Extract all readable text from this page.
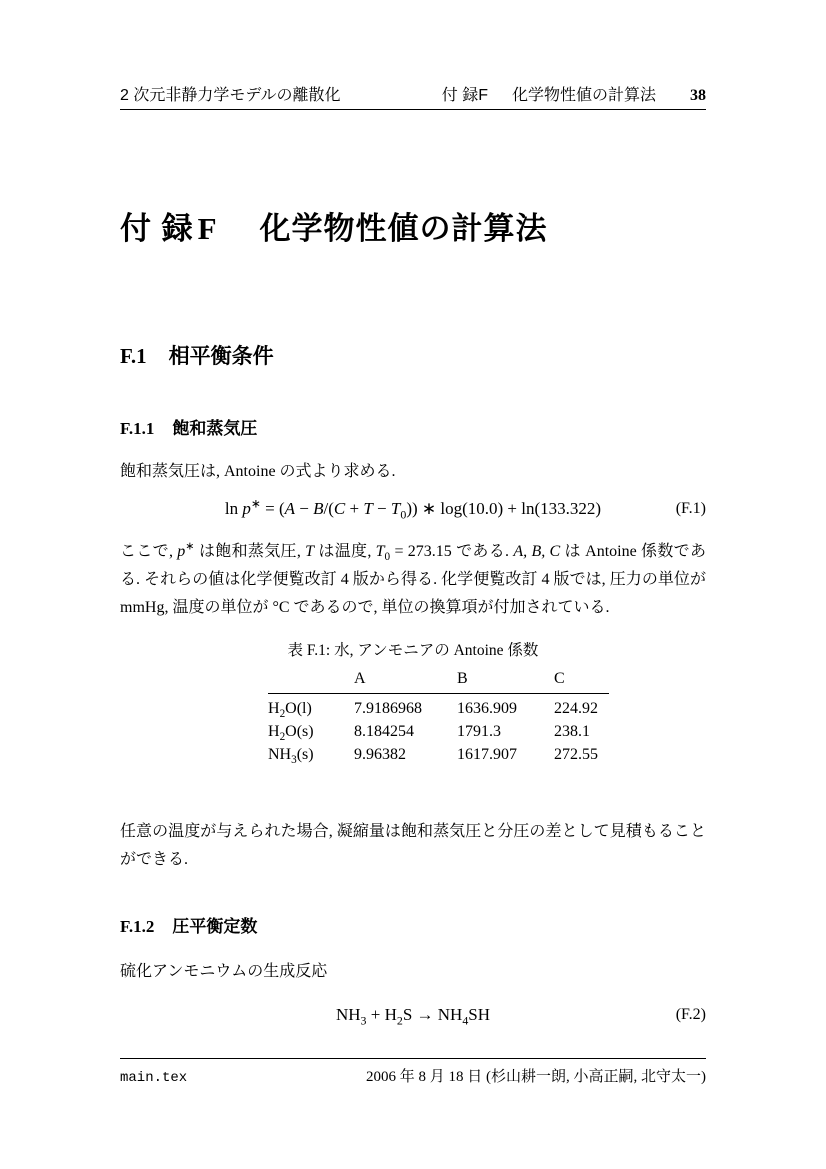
2 次元非静力学モデルの離散化	付 録F 化学物性値の計算法 38
付 録 F 化学物性値の計算法
F.1 相平衡条件
F.1.1 飽和蒸気圧
飽和蒸気圧は, Antoine の式より求める.
$\ln p^∗ = (A - B/(C + T - T_0))$ ∗ log(10.0) + ln(133.322)	(F.1)
ここで, p∗ は飽和蒸気圧, T は温度, $T_0 = 273.15$ である. A, B, C は Antoine 係数である. それらの値は化学便覧改訂 4 版から得る. 化学便覧改訂 4 版では, 圧力の単位が mmHg, 温度の単位が °C であるので, 単位の換算項が付加されている.
表 F.1: 水, アンモニアの Antoine 係数
	A	B	C
$H_2O(l)$	7.9186968	1636.909	224.92
$H_2O(s)$	8.184254	1791.3	238.1
$NH_3(s)$	9.96382	1617.907	272.55
任意の温度が与えられた場合, 凝縮量は飽和蒸気圧と分圧の差として見積もることができる.
F.1.2 圧平衡定数
硫化アンモニウムの生成反応
$NH_3 + H_2S \to NH_4SH$	(F.2)
main.tex	2006 年 8 月 18 日 (杉山耕一朗, 小高正嗣, 北守太一)
